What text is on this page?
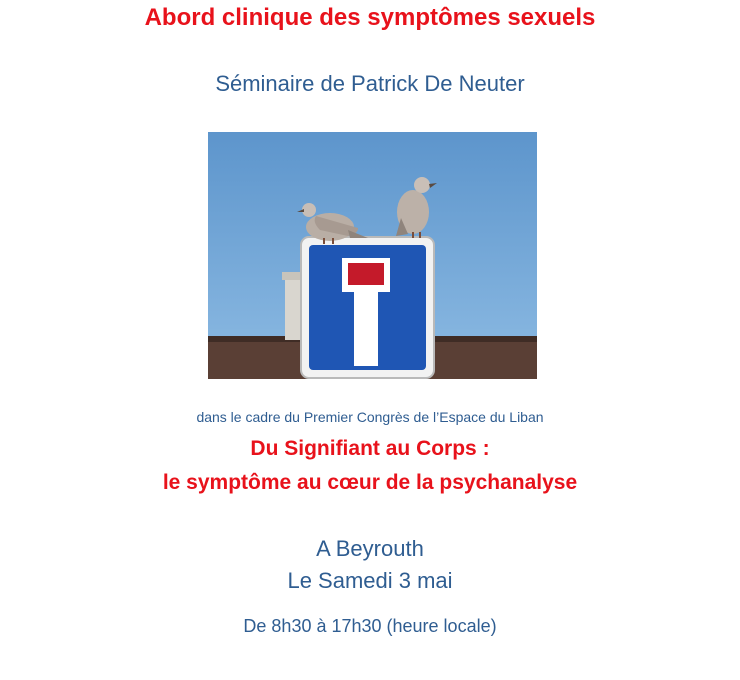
Abord clinique des symptômes sexuels
Séminaire de Patrick De Neuter
dans le cadre du Premier Congrès de l’Espace du Liban
Du Signifiant au Corps :
le symptôme au cœur de la psychanalyse
A Beyrouth
Le Samedi 3 mai
De 8h30 à 17h30 (heure locale)
